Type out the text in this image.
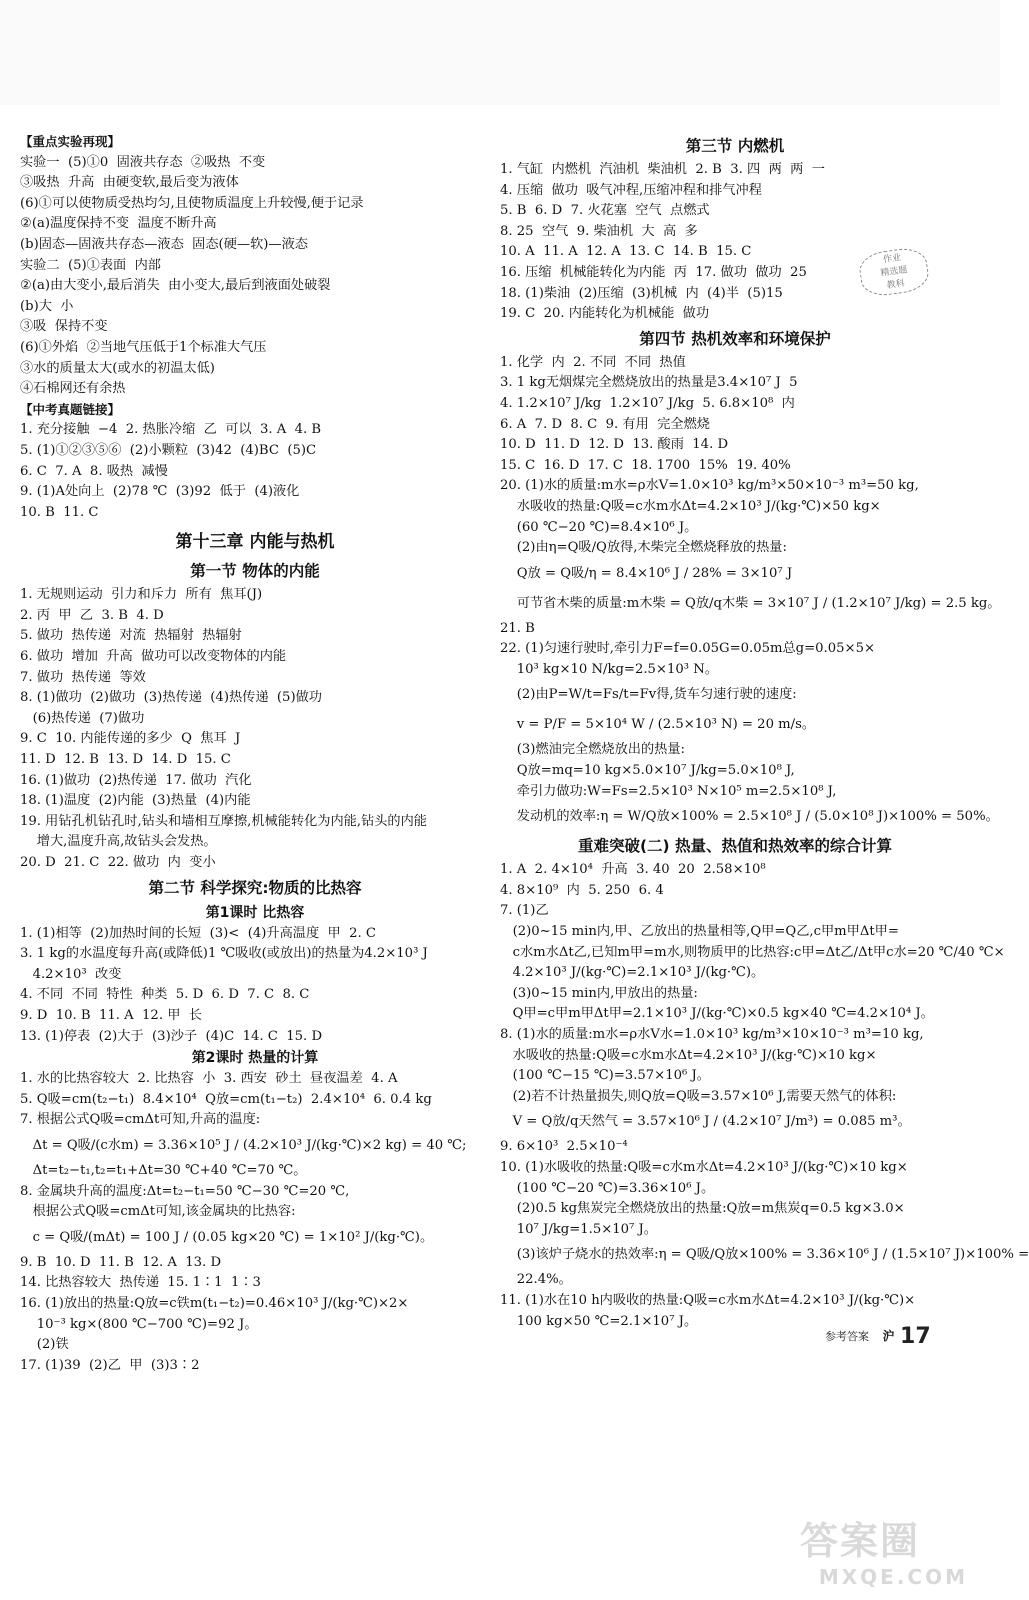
【重点实验再现】
实验一  (5)①0  固液共存态  ②吸热  不变
③吸热  升高  由硬变软,最后变为液体
(6)①可以使物质受热均匀,且使物质温度上升较慢,便于记录
②(a)温度保持不变  温度不断升高
(b)固态—固液共存态—液态  固态(硬—软)—液态
实验二  (5)①表面  内部
②(a)由大变小,最后消失  由小变大,最后到液面处破裂
(b)大  小
③吸  保持不变
(6)①外焰  ②当地气压低于1个标准大气压
③水的质量太大(或水的初温太低)
④石棉网还有余热
【中考真题链接】
1. 充分接触  −4  2. 热胀冷缩  乙  可以  3. A  4. B
5. (1)①②③⑤⑥  (2)小颗粒  (3)42  (4)BC  (5)C
6. C  7. A  8. 吸热  减慢
9. (1)A处向上  (2)78 ℃  (3)92  低于  (4)液化
10. B  11. C
第十三章 内能与热机
第一节 物体的内能
1. 无规则运动  引力和斥力  所有  焦耳(J)
2. 丙  甲  乙  3. B  4. D
5. 做功  热传递  对流  热辐射  热辐射
6. 做功  增加  升高  做功可以改变物体的内能
7. 做功  热传递  等效
8. (1)做功  (2)做功  (3)热传递  (4)热传递  (5)做功
(6)热传递  (7)做功
9. C  10. 内能传递的多少  Q  焦耳  J
11. D  12. B  13. D  14. D  15. C
16. (1)做功  (2)热传递  17. 做功  汽化
18. (1)温度  (2)内能  (3)热量  (4)内能
19. 用钻孔机钻孔时,钻头和墙相互摩擦,机械能转化为内能,钻头的内能
增大,温度升高,故钻头会发热。
20. D  21. C  22. 做功  内  变小
第二节 科学探究:物质的比热容
第1课时 比热容
1. (1)相等  (2)加热时间的长短  (3)<  (4)升高温度  甲  2. C
3. 1 kg的水温度每升高(或降低)1 ℃吸收(或放出)的热量为4.2×10³ J
4.2×10³  改变
4. 不同  不同  特性  种类  5. D  6. D  7. C  8. C
9. D  10. B  11. A  12. 甲  长
13. (1)停表  (2)大于  (3)沙子  (4)C  14. C  15. D
第2课时 热量的计算
1. 水的比热容较大  2. 比热容  小  3. 西安  砂土  昼夜温差  4. A
5. Q吸=cm(t₂−t₁)  8.4×10⁴  Q放=cm(t₁−t₂)  2.4×10⁴  6. 0.4 kg
7. 根据公式Q吸=cmΔt可知,升高的温度:
Δt = Q吸/(c水m) = 3.36×10⁵ J / (4.2×10³ J/(kg·℃)×2 kg) = 40 ℃;
Δt=t₂−t₁,t₂=t₁+Δt=30 ℃+40 ℃=70 ℃。
8. 金属块升高的温度:Δt=t₂−t₁=50 ℃−30 ℃=20 ℃,
根据公式Q吸=cmΔt可知,该金属块的比热容:
c = Q吸/(mΔt) = 100 J / (0.05 kg×20 ℃) = 1×10² J/(kg·℃)。
9. B  10. D  11. B  12. A  13. D
14. 比热容较大  热传递  15. 1∶1  1∶3
16. (1)放出的热量:Q放=c铁m(t₁−t₂)=0.46×10³ J/(kg·℃)×2×
10⁻³ kg×(800 ℃−700 ℃)=92 J。
(2)铁
17. (1)39  (2)乙  甲  (3)3∶2
第三节 内燃机
1. 气缸  内燃机  汽油机  柴油机  2. B  3. 四  两  两  一
4. 压缩  做功  吸气冲程,压缩冲程和排气冲程
5. B  6. D  7. 火花塞  空气  点燃式
8. 25  空气  9. 柴油机  大  高  多
10. A  11. A  12. A  13. C  14. B  15. C
16. 压缩  机械能转化为内能  丙  17. 做功  做功  25
18. (1)柴油  (2)压缩  (3)机械  内  (4)半  (5)15
19. C  20. 内能转化为机械能  做功
第四节 热机效率和环境保护
1. 化学  内  2. 不同  不同  热值
3. 1 kg无烟煤完全燃烧放出的热量是3.4×10⁷ J  5
4. 1.2×10⁷ J/kg  1.2×10⁷ J/kg  5. 6.8×10⁸  内
6. A  7. D  8. C  9. 有用  完全燃烧
10. D  11. D  12. D  13. 酸雨  14. D
15. C  16. D  17. C  18. 1700  15%  19. 40%
20. (1)水的质量:m水=ρ水V=1.0×10³ kg/m³×50×10⁻³ m³=50 kg,
水吸收的热量:Q吸=c水m水Δt=4.2×10³ J/(kg·℃)×50 kg×
(60 ℃−20 ℃)=8.4×10⁶ J。
(2)由η=Q吸/Q放得,木柴完全燃烧释放的热量:
Q放 = Q吸/η = 8.4×10⁶ J / 28% = 3×10⁷ J
可节省木柴的质量:m木柴 = Q放/q木柴 = 3×10⁷ J / (1.2×10⁷ J/kg) = 2.5 kg。
21. B
22. (1)匀速行驶时,牵引力F=f=0.05G=0.05m总g=0.05×5×
10³ kg×10 N/kg=2.5×10³ N。
(2)由P=W/t=Fs/t=Fv得,货车匀速行驶的速度:
v = P/F = 5×10⁴ W / (2.5×10³ N) = 20 m/s。
(3)燃油完全燃烧放出的热量:
Q放=mq=10 kg×5.0×10⁷ J/kg=5.0×10⁸ J,
牵引力做功:W=Fs=2.5×10³ N×10⁵ m=2.5×10⁸ J,
发动机的效率:η = W/Q放×100% = 2.5×10⁸ J / (5.0×10⁸ J)×100% = 50%。
重难突破(二) 热量、热值和热效率的综合计算
1. A  2. 4×10⁴  升高  3. 40  20  2.58×10⁸
4. 8×10⁹  内  5. 250  6. 4
7. (1)乙
(2)0~15 min内,甲、乙放出的热量相等,Q甲=Q乙,c甲m甲Δt甲=
c水m水Δt乙,已知m甲=m水,则物质甲的比热容:c甲=Δt乙/Δt甲c水=20 ℃/40 ℃×
4.2×10³ J/(kg·℃)=2.1×10³ J/(kg·℃)。
(3)0~15 min内,甲放出的热量:
Q甲=c甲m甲Δt甲=2.1×10³ J/(kg·℃)×0.5 kg×40 ℃=4.2×10⁴ J。
8. (1)水的质量:m水=ρ水V水=1.0×10³ kg/m³×10×10⁻³ m³=10 kg,
水吸收的热量:Q吸=c水m水Δt=4.2×10³ J/(kg·℃)×10 kg×
(100 ℃−15 ℃)=3.57×10⁶ J。
(2)若不计热量损失,则Q放=Q吸=3.57×10⁶ J,需要天然气的体积:
V = Q放/q天然气 = 3.57×10⁶ J / (4.2×10⁷ J/m³) = 0.085 m³。
9. 6×10³  2.5×10⁻⁴
10. (1)水吸收的热量:Q吸=c水m水Δt=4.2×10³ J/(kg·℃)×10 kg×
(100 ℃−20 ℃)=3.36×10⁶ J。
(2)0.5 kg焦炭完全燃烧放出的热量:Q放=m焦炭q=0.5 kg×3.0×
10⁷ J/kg=1.5×10⁷ J。
(3)该炉子烧水的热效率:η = Q吸/Q放×100% = 3.36×10⁶ J / (1.5×10⁷ J)×100% =
22.4%。
11. (1)水在10 h内吸收的热量:Q吸=c水m水Δt=4.2×10³ J/(kg·℃)×
100 kg×50 ℃=2.1×10⁷ J。
作业
精选题
教科
参考答案 沪 17
答案圈
MXQE.COM
